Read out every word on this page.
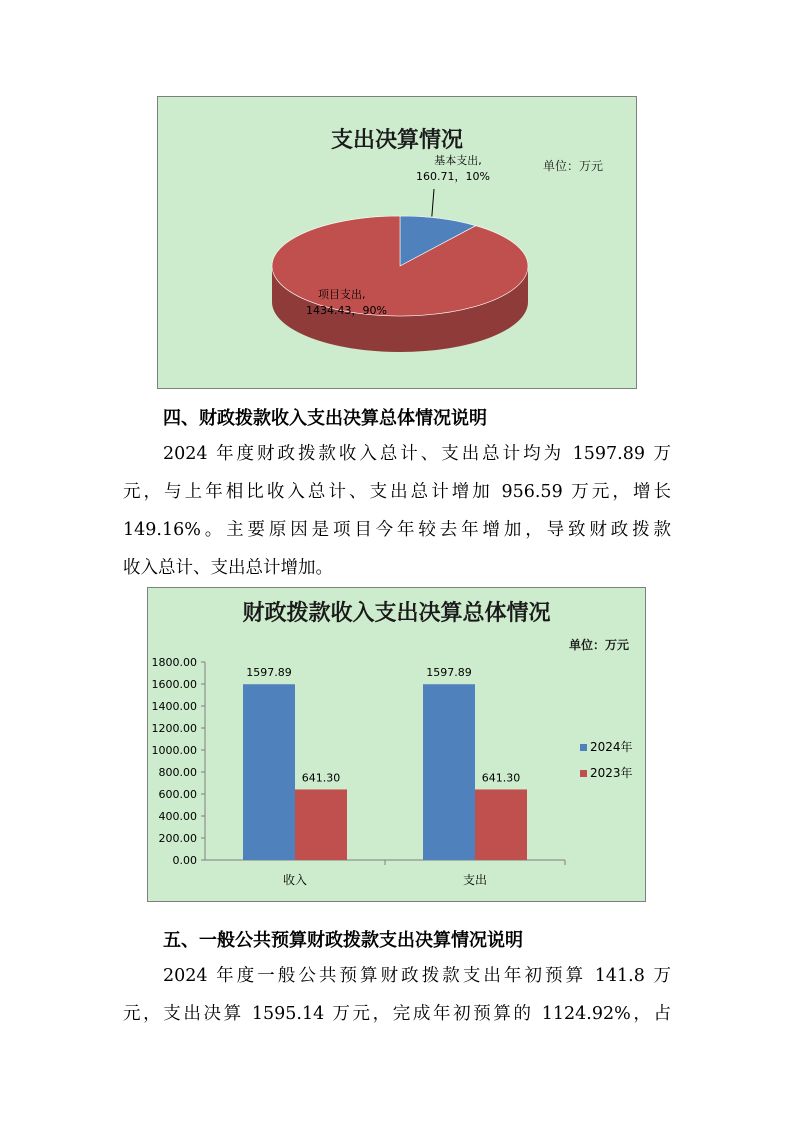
支出决算情况
单位：万元
基本支出,
160.71，10%
项目支出,
1434.43，90%
四、财政拨款收入支出决算总体情况说明
2024 年度财政拨款收入总计、支出总计均为 1597.89 万
元，与上年相比收入总计、支出总计增加 956.59 万元，增长
149.16%。主要原因是项目今年较去年增加，导致财政拨款
收入总计、支出总计增加。
财政拨款收入支出决算总体情况
单位：万元
0.00
200.00
400.00
600.00
800.00
1000.00
1200.00
1400.00
1600.00
1800.00
1597.89
641.30
收入
1597.89
641.30
支出
2024年
2023年
五、一般公共预算财政拨款支出决算情况说明
2024 年度一般公共预算财政拨款支出年初预算 141.8 万
元，支出决算 1595.14 万元，完成年初预算的 1124.92%，占
